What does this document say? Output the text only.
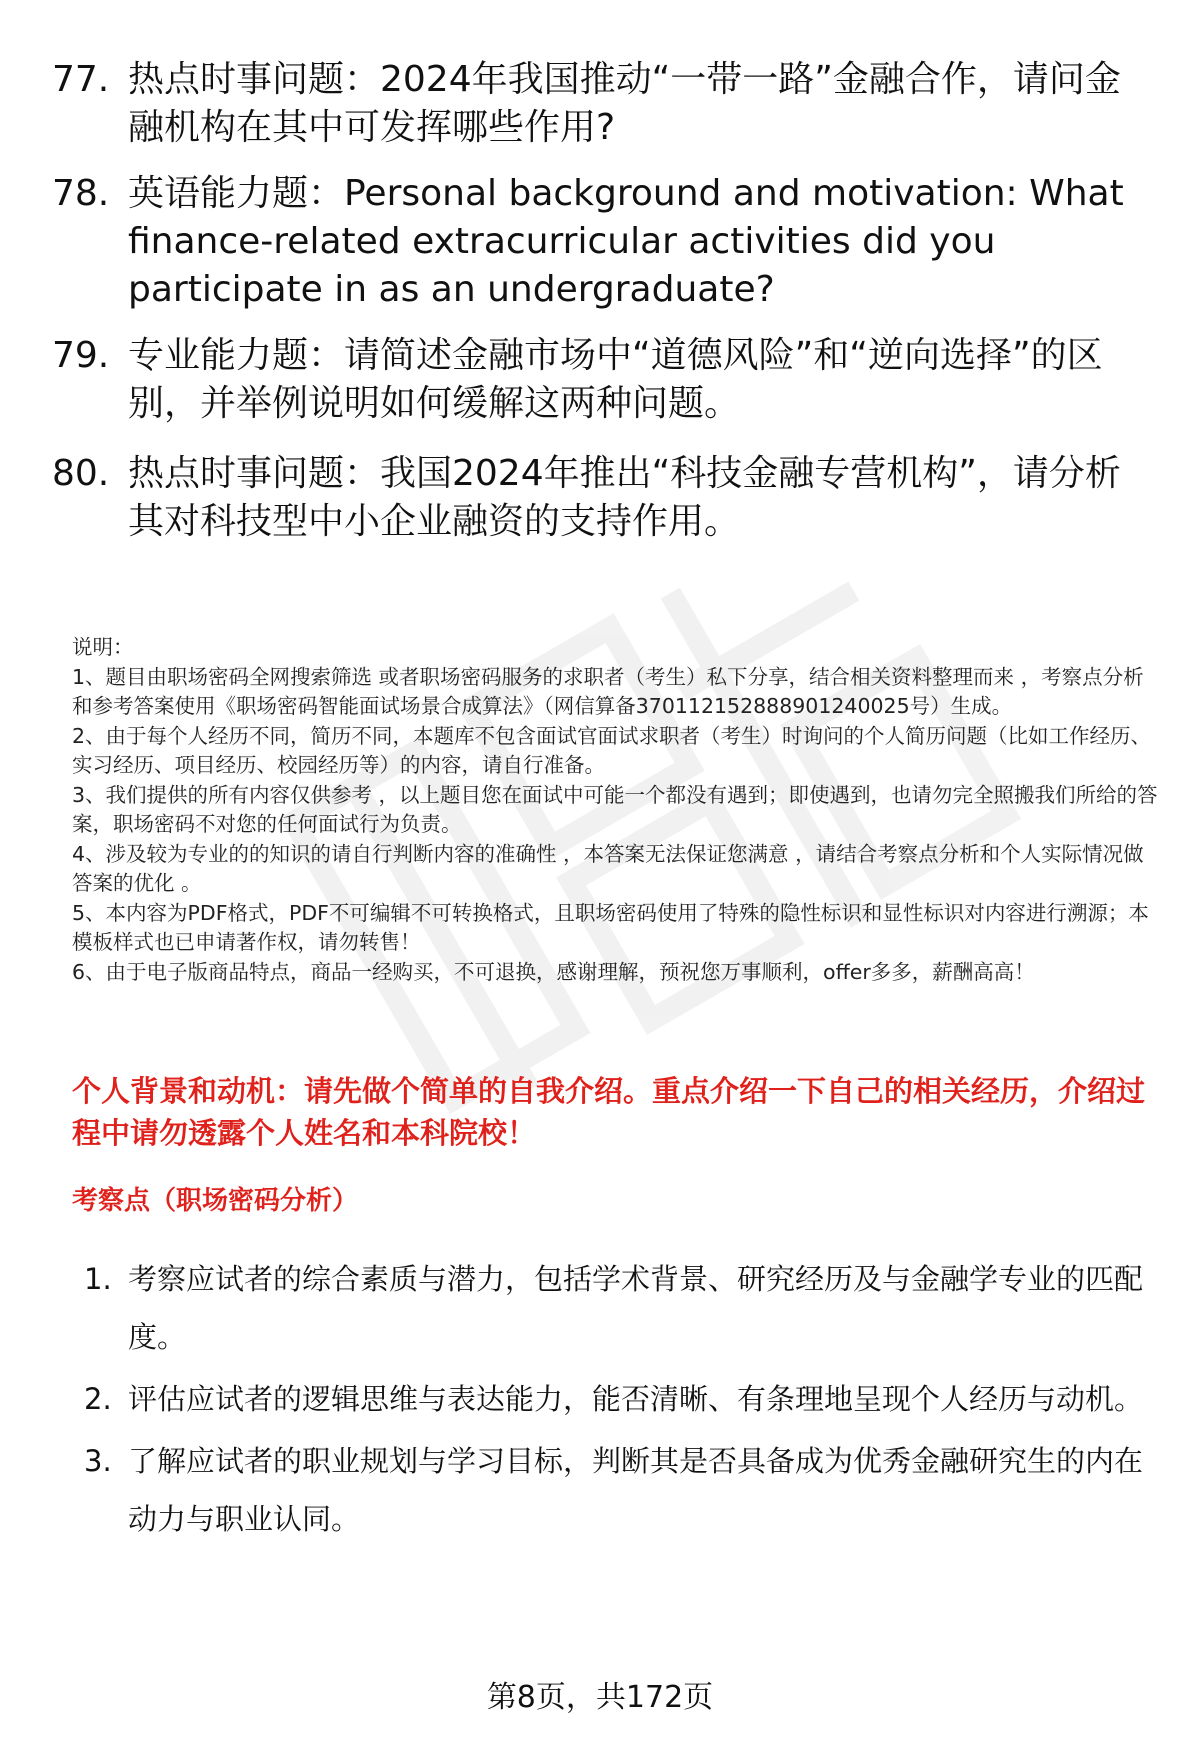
77. 热点时事问题：2024年我国推动“一带一路”金融合作，请问金融机构在其中可发挥哪些作用?
78. 英语能力题：Personal background and motivation: What finance-related extracurricular activities did you participate in as an undergraduate?
79. 专业能力题：请简述金融市场中“道德风险”和“逆向选择”的区别，并举例说明如何缓解这两种问题。
80. 热点时事问题：我国2024年推出“科技金融专营机构”，请分析其对科技型中小企业融资的支持作用。

说明：

1、题目由职场密码全网搜索筛选 或者职场密码服务的求职者（考生）私下分享，结合相关资料整理而来 ，考察点分析和参考答案使用《职场密码智能面试场景合成算法》（网信算备370112152888901240025号）生成。

2、由于每个人经历不同，简历不同，本题库不包含面试官面试求职者（考生）时询问的个人简历问题（比如工作经历、实习经历、项目经历、校园经历等）的内容，请自行准备。

3、我们提供的所有内容仅供参考 ，以上题目您在面试中可能一个都没有遇到；即使遇到，也请勿完全照搬我们所给的答案，职场密码不对您的任何面试行为负责。

4、涉及较为专业的的知识的请自行判断内容的准确性 ，本答案无法保证您满意 ，请结合考察点分析和个人实际情况做答案的优化 。

5、本内容为PDF格式，PDF不可编辑不可转换格式，且职场密码使用了特殊的隐性标识和显性标识对内容进行溯源；本模板样式也已申请著作权，请勿转售！

6、由于电子版商品特点，商品一经购买，不可退换，感谢理解，预祝您万事顺利，offer多多，薪酬高高！

个人背景和动机：请先做个简单的自我介绍。重点介绍一下自己的相关经历，介绍过程中请勿透露个人姓名和本科院校！
考察点（职场密码分析）
1. 考察应试者的综合素质与潜力，包括学术背景、研究经历及与金融学专业的匹配度。
2. 评估应试者的逻辑思维与表达能力，能否清晰、有条理地呈现个人经历与动机。
3. 了解应试者的职业规划与学习目标，判断其是否具备成为优秀金融研究生的内在动力与职业认同。
第8页，共172页
